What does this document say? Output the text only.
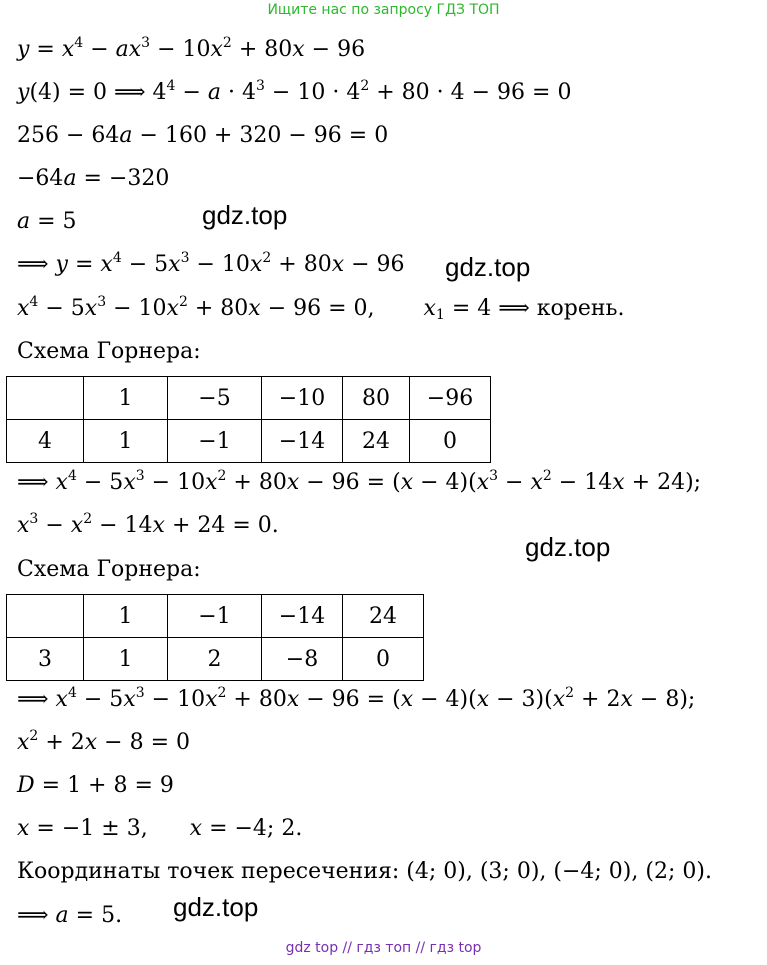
Ищите нас по запросу ГДЗ ТОП
$y = x^4 - ax^3 - 10x^2 + 80x - 96$
y(4) = 0 ⟹ $4^4 - a \cdot 4^3 - 10 \cdot 4^2 + 80 \cdot 4 - 96 = 0$
256 − 64a − 160 + 320 − 96 = 0
−64a = −320
a = 5
⟹ $y = x^4 - 5x^3 - 10x^2 + 80x - 96$
$x^4 - 5x^3 - 10x^2 + 80x - 96 = 0$,       $x_1 = 4$ ⟹ корень.
Схема Горнера:
	1	−5	−10	80	−96
4	1	−1	−14	24	0
⟹ $x^4 - 5x^3 - 10x^2 + 80x - 96 = (x - 4)(x^3 - x^2 - 14x + 24)$;
$x^3 - x^2 - 14x + 24 = 0$.
Схема Горнера:
	1	−1	−14	24
3	1	2	−8	0
⟹ $x^4 - 5x^3 - 10x^2 + 80x - 96 = (x - 4)(x - 3)(x^2 + 2x - 8)$;
$x^2 + 2x - 8 = 0$
D = 1 + 8 = 9
x = −1 ± 3, x = −4; 2.
Координаты точек пересечения: (4; 0), (3; 0), (−4; 0), (2; 0).
⟹ a = 5.
gdz.top
gdz.top
gdz.top
gdz.top
gdz top // гдз топ // гдз top
